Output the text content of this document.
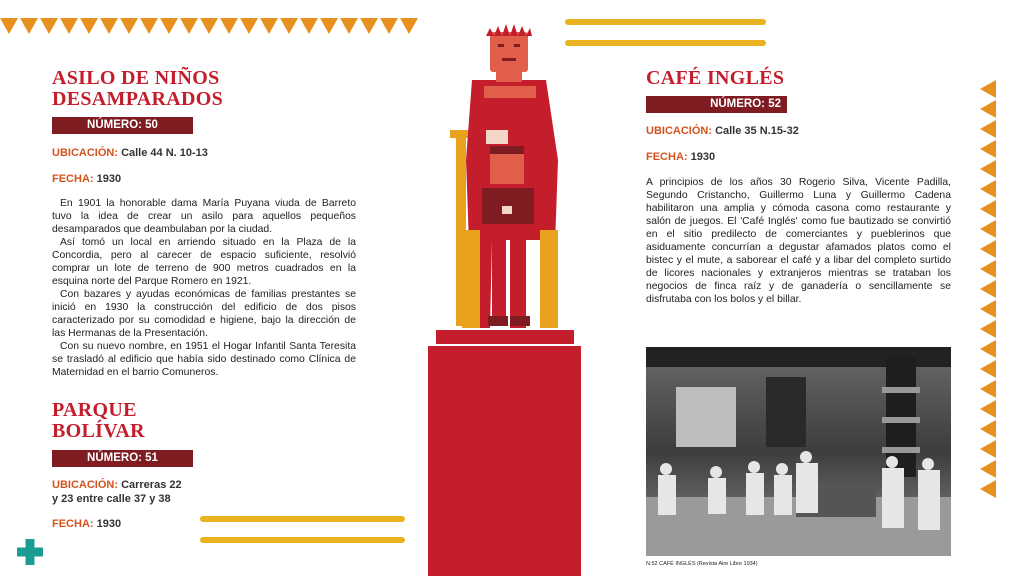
ASILO DE NIÑOS
DESAMPARADOS
NÚMERO: 50
UBICACIÓN: Calle 44 N. 10-13
FECHA: 1930

En 1901 la honorable dama María Puyana viuda de Barreto tuvo la idea de crear un asilo para aquellos pequeños desamparados que deambulaban por la ciudad.

Así tomó un local en arriendo situado en la Plaza de la Concordia, pero al carecer de espacio suficiente, resolvió comprar un lote de terreno de 900 metros cuadrados en la esquina norte del Parque Romero en 1921.

Con bazares y ayudas económicas de familias prestantes se inició en 1930 la construcción del edificio de dos pisos caracterizado por su comodidad e higiene, bajo la dirección de las Hermanas de la Presentación.

Con su nuevo nombre, en 1951 el Hogar Infantil Santa Teresita se trasladó al edificio que había sido destinado como Clínica de Maternidad en el barrio Comuneros.

PARQUE
BOLÍVAR
NÚMERO: 51
UBICACIÓN: Carreras 22
y 23 entre calle 37 y 38
FECHA: 1930
CAFÉ INGLÉS
NÚMERO: 52
UBICACIÓN: Calle 35 N.15-32
FECHA: 1930

A principios de los años 30 Rogerio Silva, Vicente Padilla, Segundo Cristancho, Guillermo Luna y Guillermo Cadena habilitaron una amplia y cómoda casona como restaurante y salón de juegos. El 'Café Inglés' como fue bautizado se convirtió en el sitio predilecto de comerciantes y pueblerinos que asiduamente concurrían a degustar afamados platos como el bistec y el mute, a saborear el café y a libar del completo surtido de licores nacionales y extranjeros mientras se trataban los negocios de finca raíz y de ganadería o sencillamente se disfrutaba con los bolos y el billar.

N.52 CAFÉ INGLÉS (Revista Aire Libre 1934)
